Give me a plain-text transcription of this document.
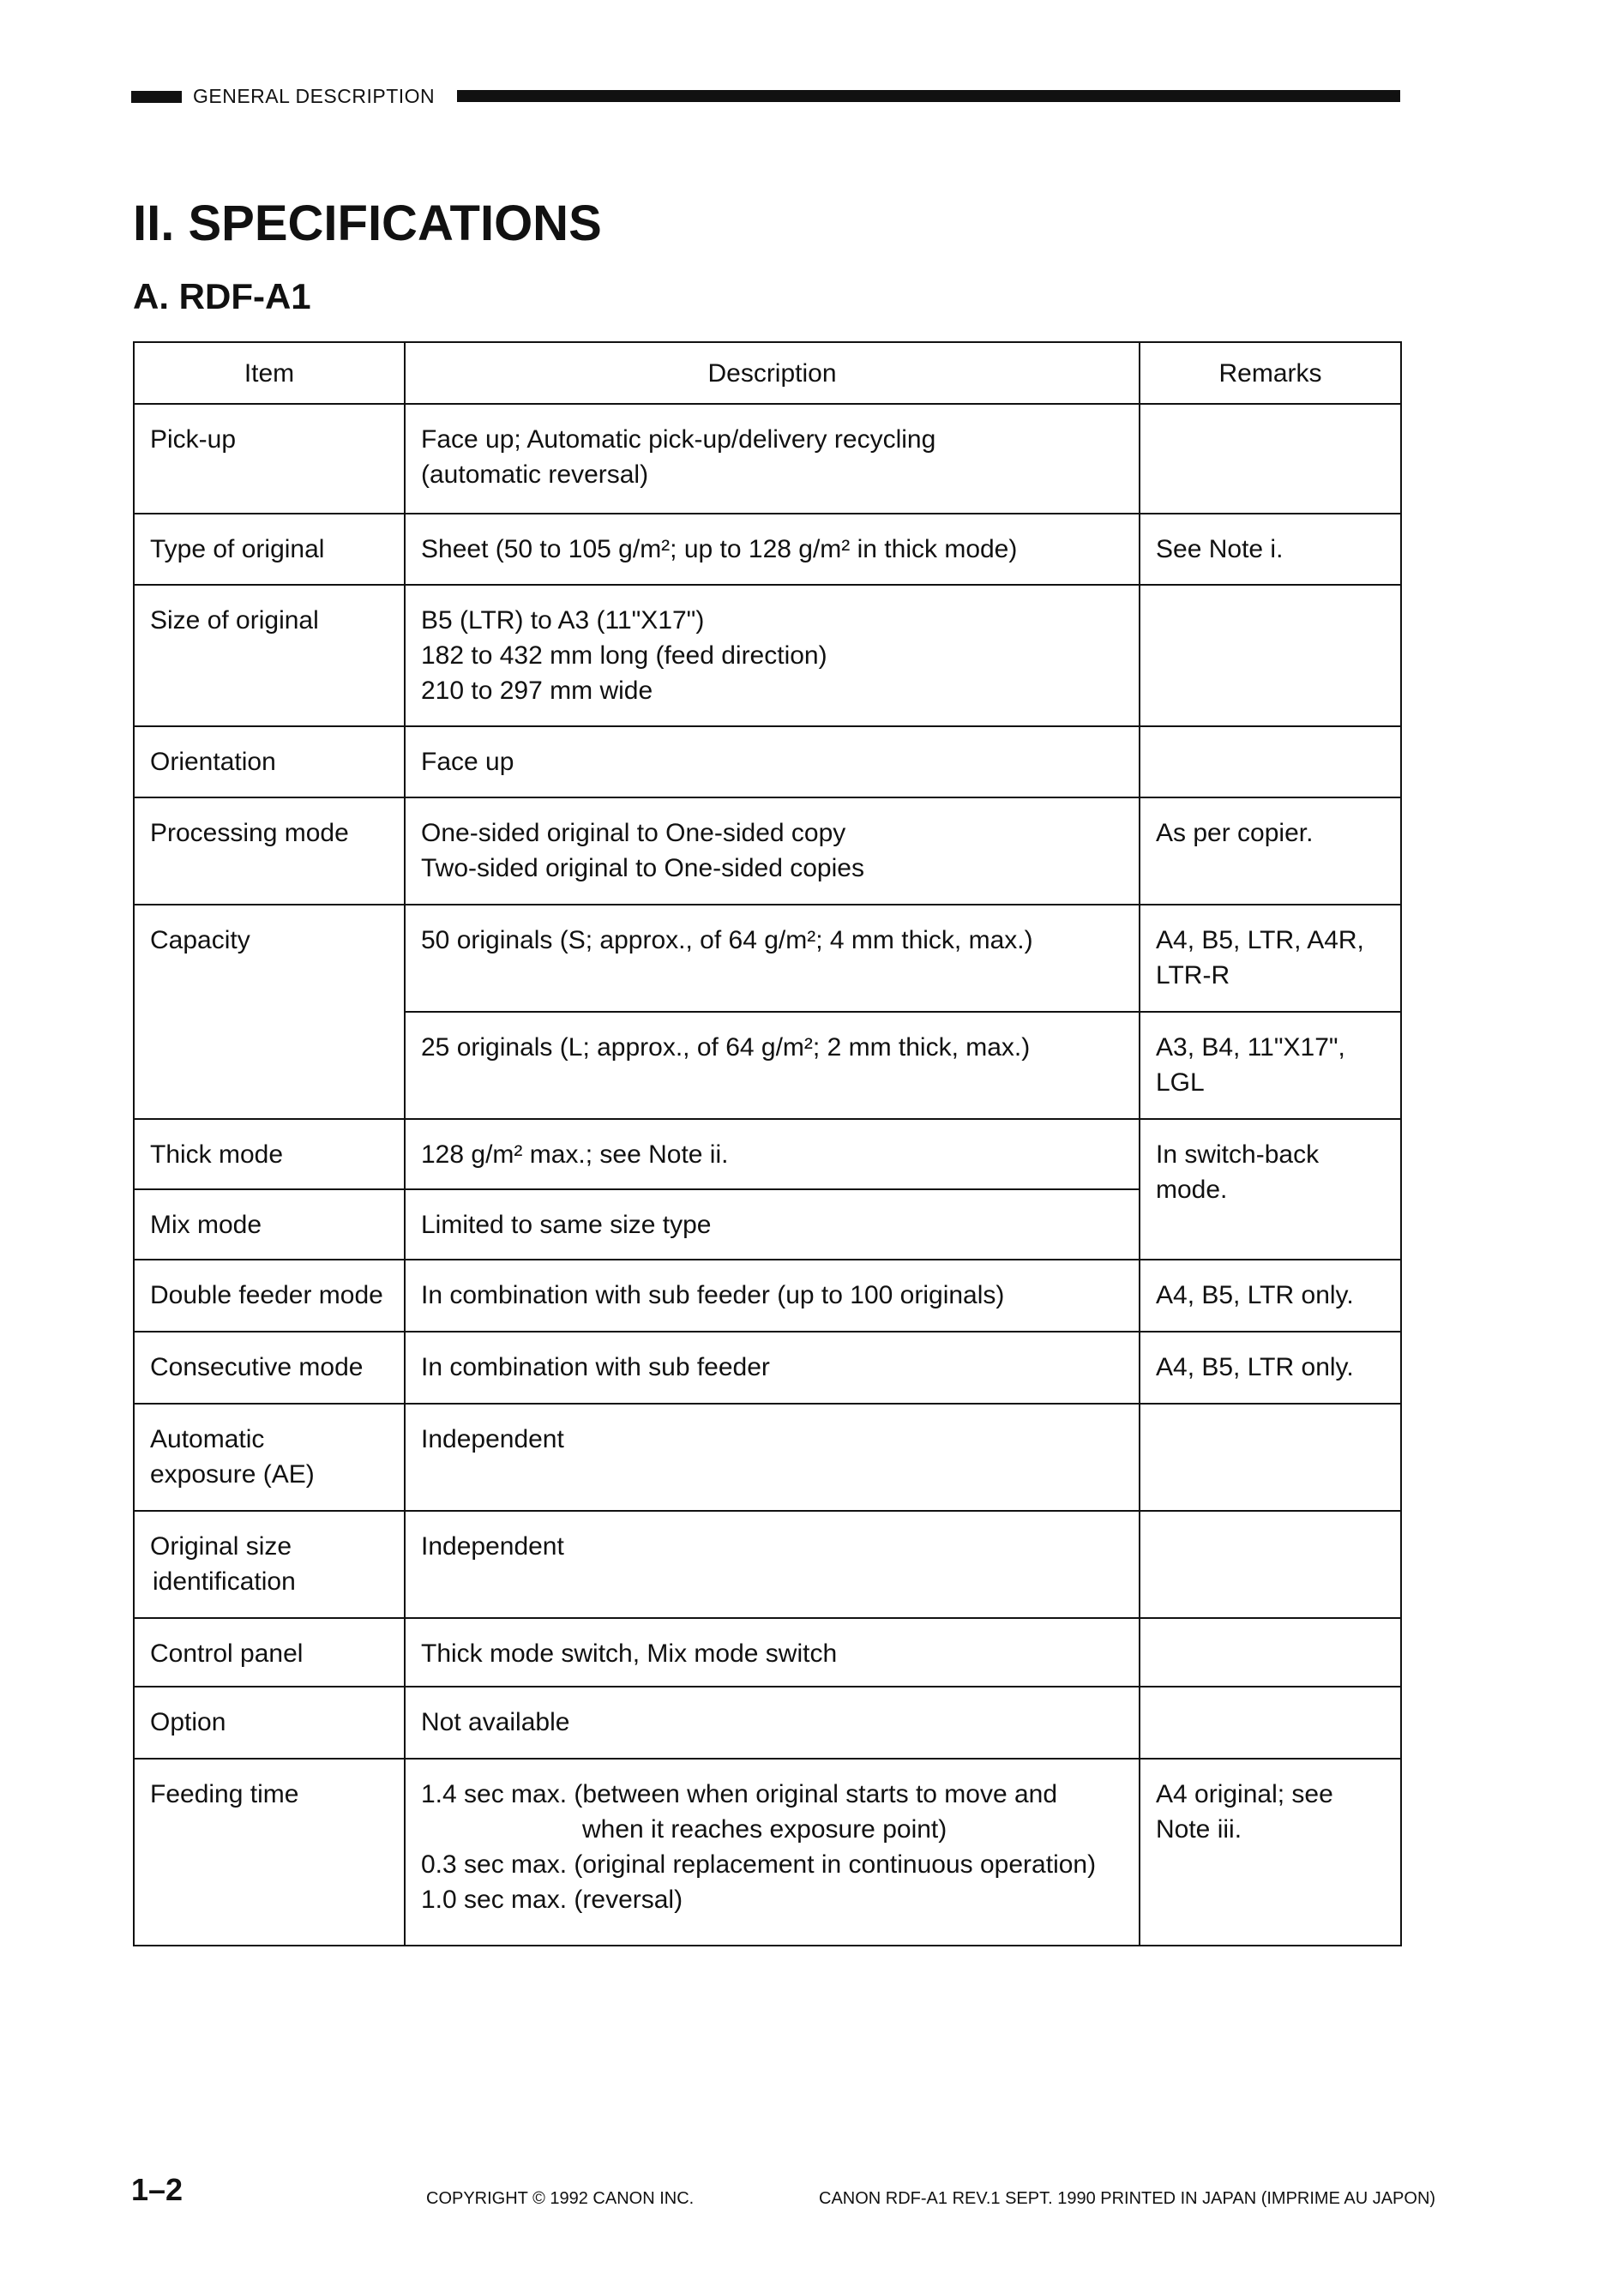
GENERAL DESCRIPTION
II. SPECIFICATIONS
A. RDF-A1
Item	Description	Remarks
Pick-up	Face up; Automatic pick-up/delivery recycling
(automatic reversal)	

Type of original	Sheet (50 to 105 g/m²; up to 128 g/m² in thick mode)	See Note i.
Size of original	B5 (LTR) to A3 (11"X17")
182 to 432 mm long (feed direction)
210 to 297 mm wide	

Orientation	Face up	

Processing mode	One-sided original to One-sided copy
Two-sided original to One-sided copies	As per copier.
Capacity	50 originals (S; approx., of 64 g/m²; 4 mm thick, max.)	A4, B5, LTR, A4R, LTR-R

	25 originals (L; approx., of 64 g/m²; 2 mm thick, max.)	A3, B4, 11"X17", LGL
Thick mode	128 g/m² max.; see Note ii.	In switch-back mode.
Mix mode	Limited to same size type	

Double feeder mode	In combination with sub feeder (up to 100 originals)	A4, B5, LTR only.
Consecutive mode	In combination with sub feeder	A4, B5, LTR only.

Automatic
exposure (AE)	Independent	

Original size
identification	Independent	

Control panel	Thick mode switch, Mix mode switch	

Option	Not available	

Feeding time	1.4 sec max. (between when original starts to move and
when it reaches exposure point)
0.3 sec max. (original replacement in continuous operation)
1.0 sec max. (reversal)	A4 original; see Note iii.
1–2	COPYRIGHT © 1992 CANON INC.	CANON RDF-A1 REV.1 SEPT. 1990 PRINTED IN JAPAN (IMPRIME AU JAPON)
